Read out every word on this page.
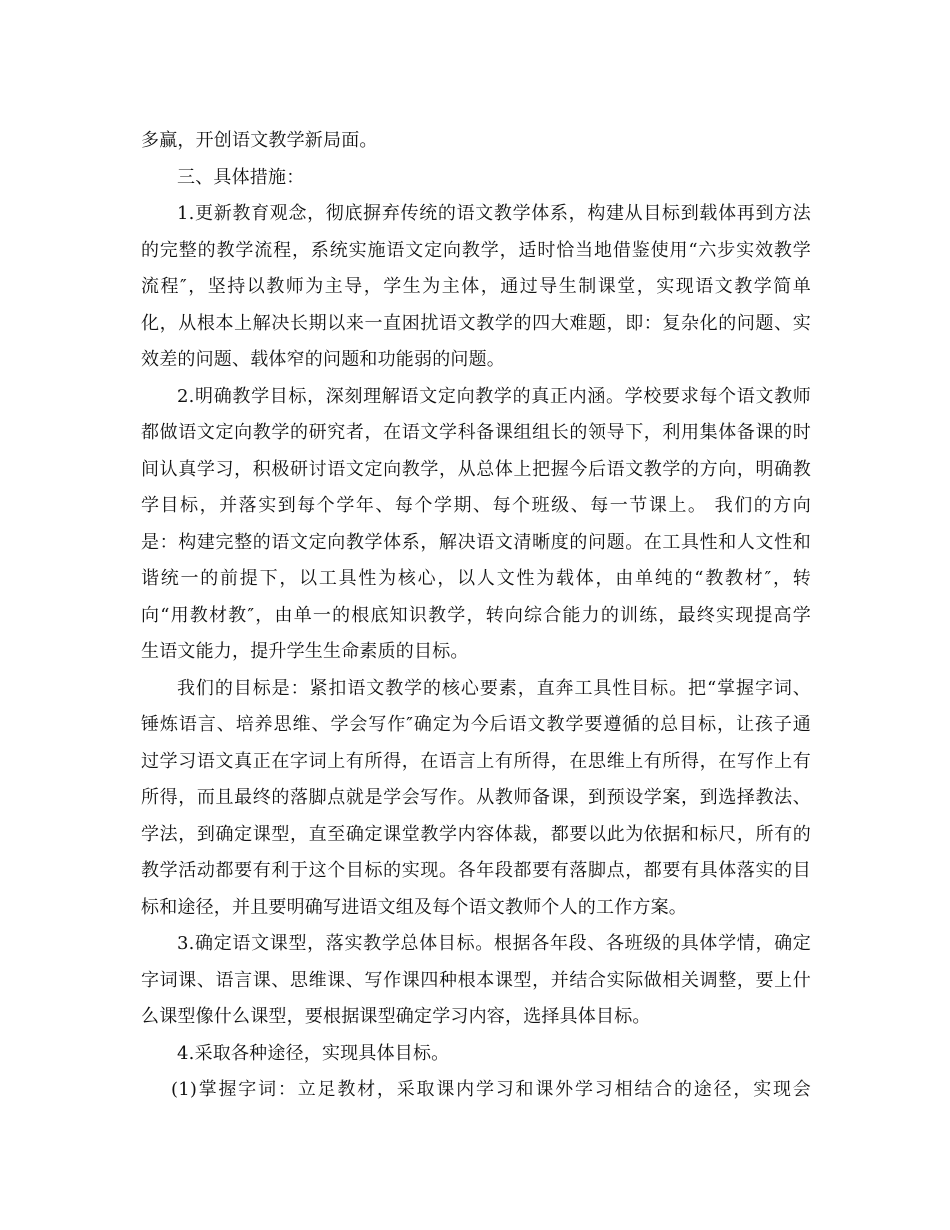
多赢，开创语文教学新局面。
三、具体措施：
1.更新教育观念，彻底摒弃传统的语文教学体系，构建从目标到载体再到方法
的完整的教学流程，系统实施语文定向教学，适时恰当地借鉴使用“六步实效教学
流程″，坚持以教师为主导，学生为主体，通过导生制课堂，实现语文教学简单
化，从根本上解决长期以来一直困扰语文教学的四大难题，即：复杂化的问题、实
效差的问题、载体窄的问题和功能弱的问题。
2.明确教学目标，深刻理解语文定向教学的真正内涵。学校要求每个语文教师
都做语文定向教学的研究者，在语文学科备课组组长的领导下，利用集体备课的时
间认真学习，积极研讨语文定向教学，从总体上把握今后语文教学的方向，明确教
学目标，并落实到每个学年、每个学期、每个班级、每一节课上。 我们的方向
是：构建完整的语文定向教学体系，解决语文清晰度的问题。在工具性和人文性和
谐统一的前提下，以工具性为核心，以人文性为载体，由单纯的“教教材″，转
向“用教材教″，由单一的根底知识教学，转向综合能力的训练，最终实现提高学
生语文能力，提升学生生命素质的目标。
我们的目标是：紧扣语文教学的核心要素，直奔工具性目标。把“掌握字词、
锤炼语言、培养思维、学会写作″确定为今后语文教学要遵循的总目标，让孩子通
过学习语文真正在字词上有所得，在语言上有所得，在思维上有所得，在写作上有
所得，而且最终的落脚点就是学会写作。从教师备课，到预设学案，到选择教法、
学法，到确定课型，直至确定课堂教学内容体裁，都要以此为依据和标尺，所有的
教学活动都要有利于这个目标的实现。各年段都要有落脚点，都要有具体落实的目
标和途径，并且要明确写进语文组及每个语文教师个人的工作方案。
3.确定语文课型，落实教学总体目标。根据各年段、各班级的具体学情，确定
字词课、语言课、思维课、写作课四种根本课型，并结合实际做相关调整，要上什
么课型像什么课型，要根据课型确定学习内容，选择具体目标。
4.采取各种途径，实现具体目标。
(1)掌握字词：立足教材，采取课内学习和课外学习相结合的途径，实现会
